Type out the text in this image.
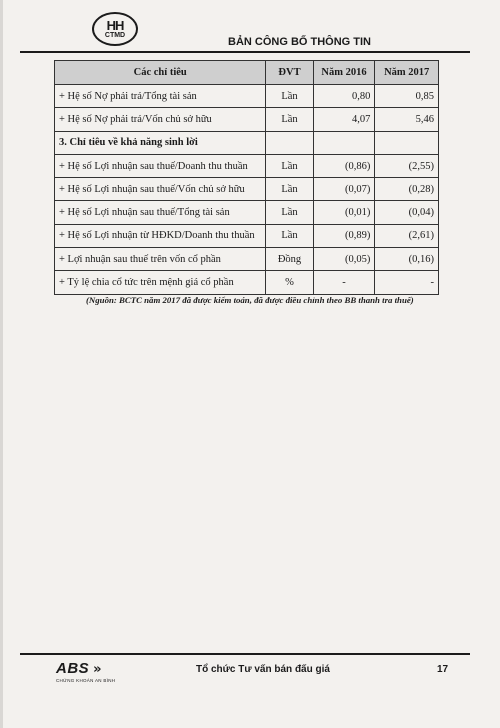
HH
CTMD
BẢN CÔNG BỐ THÔNG TIN
Các chỉ tiêu	ĐVT	Năm 2016	Năm 2017
+ Hệ số Nợ phải trả/Tổng tài sản	Lần	0,80	0,85
+ Hệ số Nợ phải trả/Vốn chủ sở hữu	Lần	4,07	5,46
3. Chỉ tiêu về khả năng sinh lời			
+ Hệ số Lợi nhuận sau thuế/Doanh thu thuần	Lần	(0,86)	(2,55)
+ Hệ số Lợi nhuận sau thuế/Vốn chủ sở hữu	Lần	(0,07)	(0,28)
+ Hệ số Lợi nhuận sau thuế/Tổng tài sản	Lần	(0,01)	(0,04)
+ Hệ số Lợi nhuận từ HĐKD/Doanh thu thuần	Lần	(0,89)	(2,61)
+ Lợi nhuận sau thuế trên vốn cổ phần	Đồng	(0,05)	(0,16)
+ Tỷ lệ chia cổ tức trên mệnh giá cổ phần	%	-	-
(Nguồn: BCTC năm 2017 đã được kiểm toán, đã được điều chỉnh theo BB thanh tra thuế)
ABS »
CHỨNG KHOÁN AN BÌNH
Tổ chức Tư vấn bán đấu giá	17
